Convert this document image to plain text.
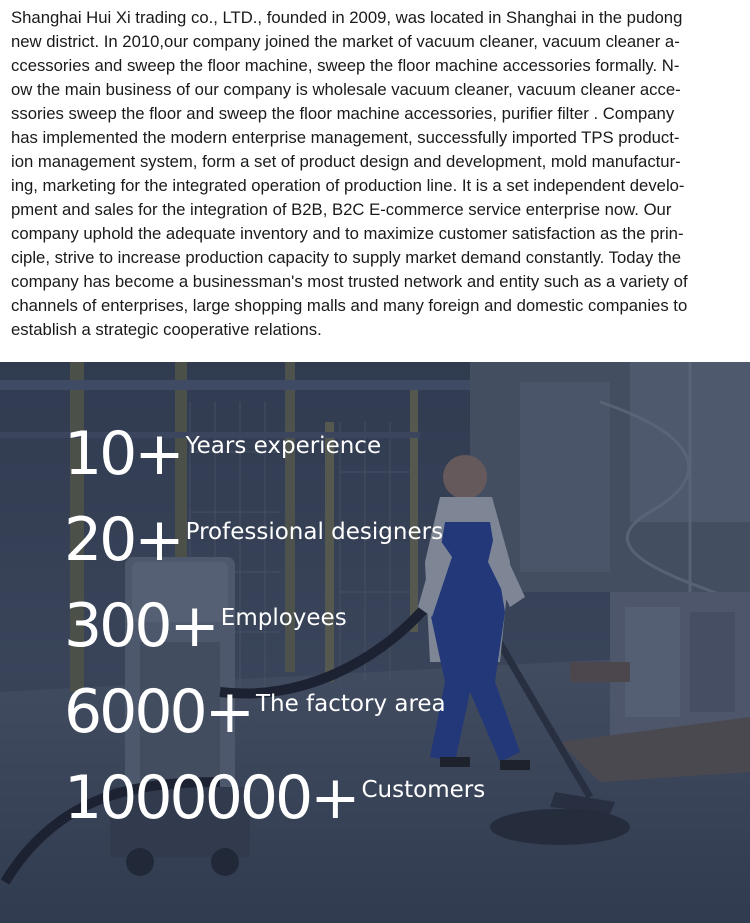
Shanghai Hui Xi trading co., LTD., founded in 2009, was located in Shanghai in the pudong
new district. In 2010,our company joined the market of vacuum cleaner, vacuum cleaner a-
ccessories and sweep the floor machine, sweep the floor machine accessories formally. N-
ow the main business of our company is wholesale vacuum cleaner, vacuum cleaner acce-
ssories sweep the floor and sweep the floor machine accessories, purifier filter . Company
has implemented the modern enterprise management, successfully imported TPS product-
ion management system, form a set of product design and development, mold manufactur-
ing, marketing for the integrated operation of production line. It is a set independent develo-
pment and sales for the integration of B2B, B2C E-commerce service enterprise now. Our
company uphold the adequate inventory and to maximize customer satisfaction as the prin-
ciple, strive to increase production capacity to supply market demand constantly. Today the
company has become a businessman's most trusted network and entity such as a variety of
channels of enterprises, large shopping malls and many foreign and domestic companies to
establish a strategic cooperative relations.
10+ Years experience
20+ Professional designers
300+ Employees
6000+ The factory area
1000000+ Customers
